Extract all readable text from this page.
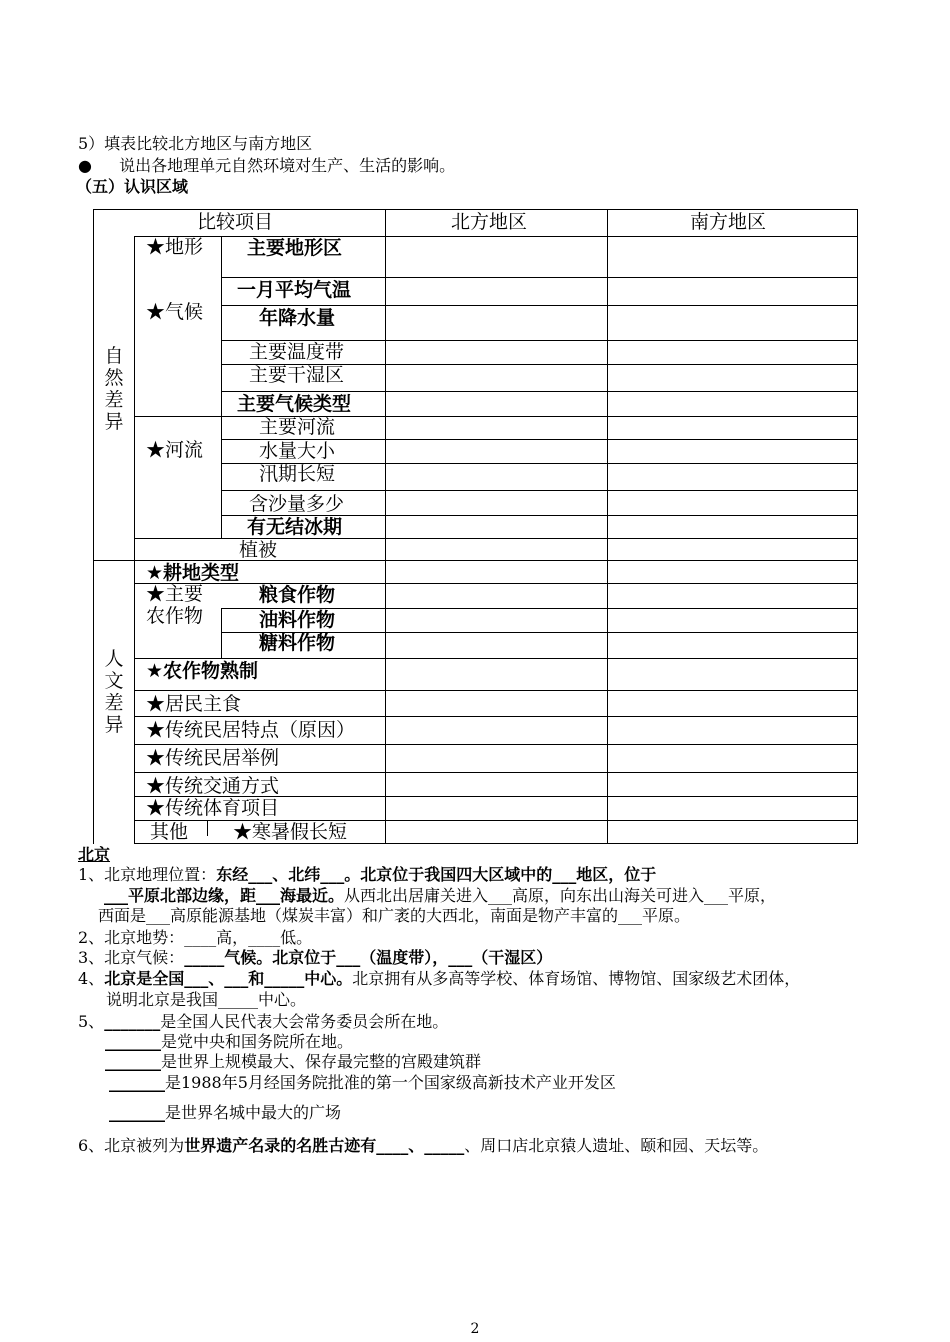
5）填表比较北方地区与南方地区
● 说出各地理单元自然环境对生产、生活的影响。
（五）认识区域
比较项目	北方地区	南方地区
自然差异
人文差异
★地形
★气候
★河流
★主要农作物
主要地形区
一月平均气温
年降水量
主要温度带
主要干湿区
主要气候类型
主要河流
水量大小
汛期长短
含沙量多少
有无结冰期
植被
★耕地类型
粮食作物
油料作物
糖料作物
★农作物熟制
★居民主食
★传统民居特点（原因）
★传统民居举例
★传统交通方式
★传统体育项目
其他 ★寒暑假长短
北京
1、北京地理位置：东经___、北纬___。北京位于我国四大区域中的___地区，位于
___平原北部边缘，距___海最近。从西北出居庸关进入___高原，向东出山海关可进入___平原，
西面是___高原能源基地（煤炭丰富）和广袤的大西北，南面是物产丰富的___平原。
2、北京地势：____高，____低。
3、北京气候：_____气候。北京位于___（温度带），___（干湿区）
4、北京是全国___、___和_____中心。北京拥有从多高等学校、体育场馆、博物馆、国家级艺术团体，
说明北京是我国_____中心。
5、_______是全国人民代表大会常务委员会所在地。
_______是党中央和国务院所在地。
_______是世界上规模最大、保存最完整的宫殿建筑群
_______是1988年5月经国务院批准的第一个国家级高新技术产业开发区
_______是世界名城中最大的广场
6、北京被列为世界遗产名录的名胜古迹有____、_____、周口店北京猿人遗址、颐和园、天坛等。
2
